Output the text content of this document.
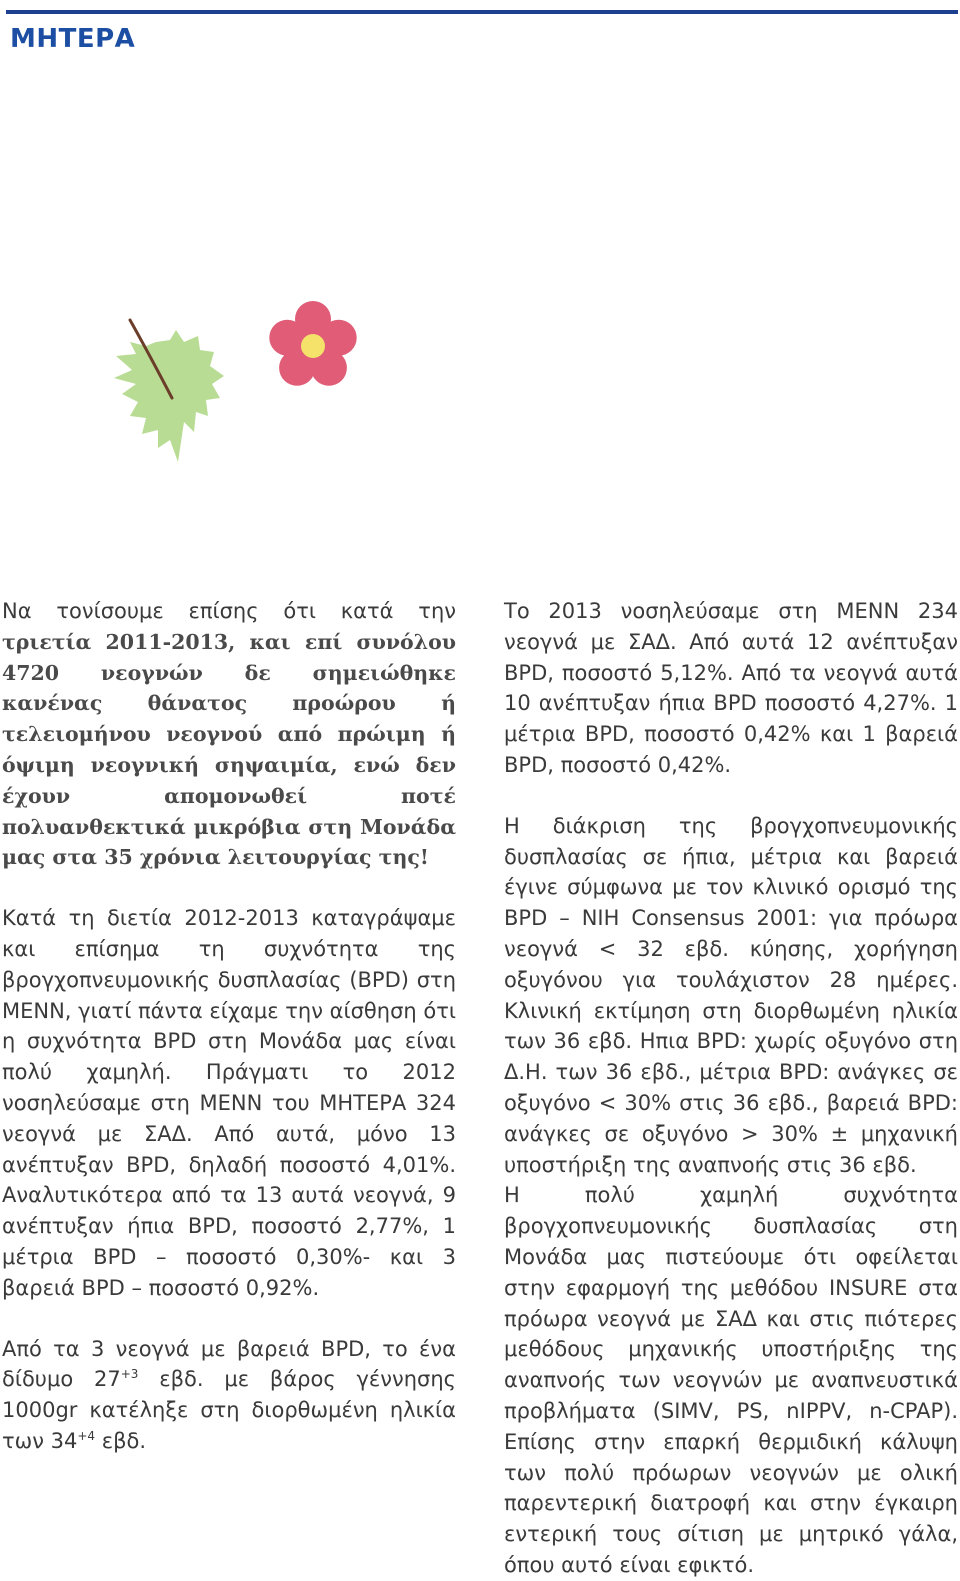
ΜΗΤΕΡΑ

Να τονίσουμε επίσης ότι κατά την τριετία 2011-2013, και επί συνόλου 4720 νεογνών δε σημειώθηκε κανένας θάνατος προώρου ή τελειομήνου νεογνού από πρώιμη ή όψιμη νεογνική σηψαιμία, ενώ δεν έχουν απομονωθεί ποτέ πολυανθεκτικά μικρόβια στη Μονάδα μας στα 35 χρόνια λειτουργίας της!

Κατά τη διετία 2012-2013 καταγράψαμε και επίσημα τη συχνότητα της βρογχοπνευμονικής δυσπλασίας (BPD) στη ΜΕΝΝ, γιατί πάντα είχαμε την αίσθηση ότι η συχνότητα BPD στη Μονάδα μας είναι πολύ χαμηλή. Πράγματι το 2012 νοσηλεύσαμε στη ΜΕΝΝ του ΜΗΤΕΡΑ 324 νεογνά με ΣΑΔ. Από αυτά, μόνο 13 ανέπτυξαν BPD, δηλαδή ποσοστό 4,01%. Αναλυτικότερα από τα 13 αυτά νεογνά, 9 ανέπτυξαν ήπια BPD, ποσοστό 2,77%, 1 μέτρια BPD – ποσοστό 0,30%- και 3 βαρειά BPD – ποσοστό 0,92%.

Από τα 3 νεογνά με βαρειά BPD, το ένα δίδυμο $27^{+3}$ εβδ. με βάρος γέννησης 1000gr κατέληξε στη διορθωμένη ηλικία των $34^{+4}$ εβδ.

Το 2013 νοσηλεύσαμε στη ΜΕΝΝ 234 νεογνά με ΣΑΔ. Από αυτά 12 ανέπτυξαν BPD, ποσοστό 5,12%. Από τα νεογνά αυτά 10 ανέπτυξαν ήπια BPD ποσοστό 4,27%. 1 μέτρια BPD, ποσοστό 0,42% και 1 βαρειά BPD, ποσοστό 0,42%.

Η διάκριση της βρογχοπνευμονικής δυσπλασίας σε ήπια, μέτρια και βαρειά έγινε σύμφωνα με τον κλινικό ορισμό της BPD – NIH Consensus 2001: για πρόωρα νεογνά < 32 εβδ. κύησης, χορήγηση οξυγόνου για τουλάχιστον 28 ημέρες. Κλινική εκτίμηση στη διορθωμένη ηλικία των 36 εβδ. Ηπια BPD: χωρίς οξυγόνο στη Δ.Η. των 36 εβδ., μέτρια BPD: ανάγκες σε οξυγόνο < 30% στις 36 εβδ., βαρειά BPD: ανάγκες σε οξυγόνο > 30% ± μηχανική υποστήριξη της αναπνοής στις 36 εβδ.

Η πολύ χαμηλή συχνότητα βρογχοπνευμονικής δυσπλασίας στη Μονάδα μας πιστεύουμε ότι οφείλεται στην εφαρμογή της μεθόδου INSURE στα πρόωρα νεογνά με ΣΑΔ και στις πιότερες μεθόδους μηχανικής υποστήριξης της αναπνοής των νεογνών με αναπνευστικά προβλήματα (SIMV, PS, nIPPV, n-CPAP). Επίσης στην επαρκή θερμιδική κάλυψη των πολύ πρόωρων νεογνών με ολική παρεντερική διατροφή και στην έγκαιρη εντερική τους σίτιση με μητρικό γάλα, όπου αυτό είναι εφικτό.
